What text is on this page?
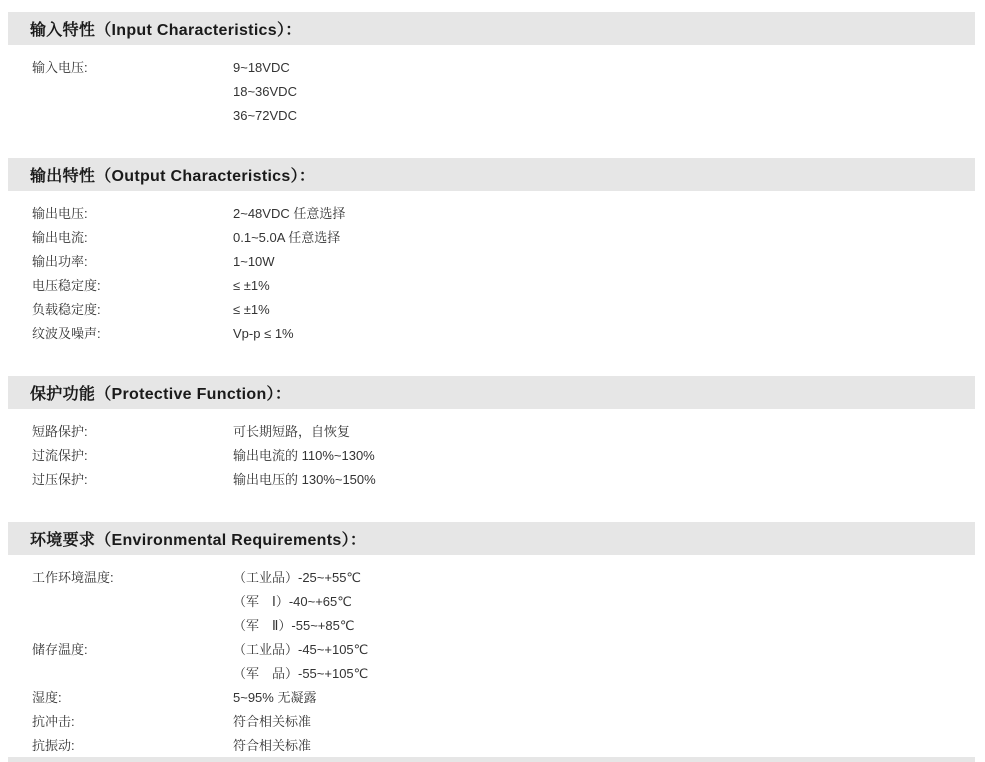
输入特性（Input Characteristics）：
输入电压:	9~18VDC
18~36VDC
36~72VDC
输出特性（Output Characteristics）：
输出电压:	2~48VDC 任意选择
输出电流:	0.1~5.0A 任意选择
输出功率:	1~10W
电压稳定度:	≤ ±1%
负载稳定度:	≤ ±1%
纹波及噪声:	Vp-p ≤ 1%
保护功能（Protective Function）：
短路保护:	可长期短路，自恢复
过流保护:	输出电流的 110%~130%
过压保护:	输出电压的 130%~150%
环境要求（Environmental Requirements）：
工作环境温度:	（工业品）-25~+55℃
（军　Ⅰ）-40~+65℃
（军　Ⅱ）-55~+85℃
储存温度:	（工业品）-45~+105℃
（军　品）-55~+105℃
湿度:	5~95% 无凝露
抗冲击:	符合相关标准
抗振动:	符合相关标准
